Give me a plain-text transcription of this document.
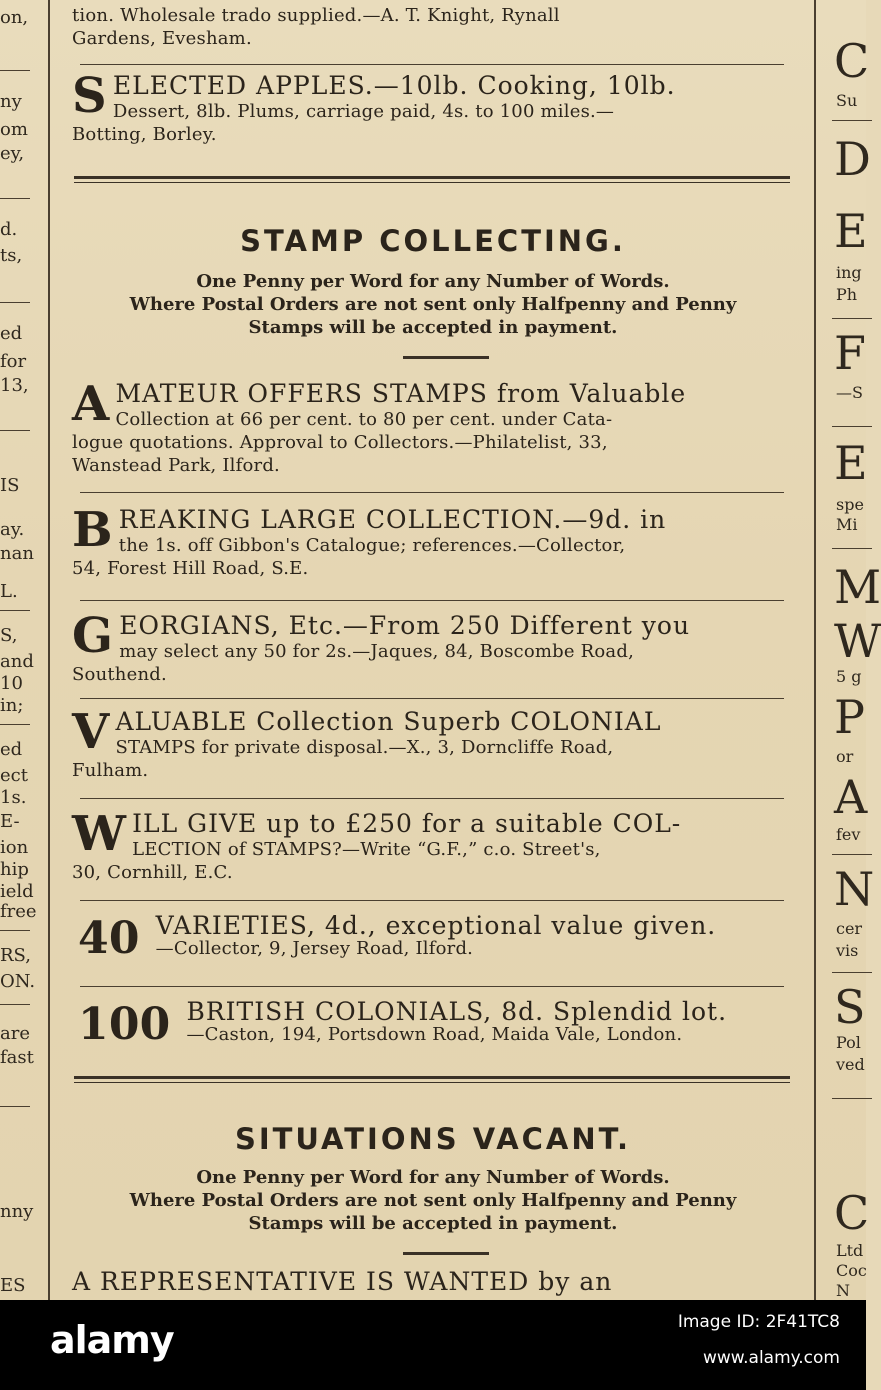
on,
ny
om
ey,
d.
ts,
ed
for
13,
IS
ay.
nan
L.
S,
and
10
in;
ed
ect
1s.
E-
ion
hip
ield
free
RS,
ON.
are
fast
nny
ES
C
Su
D
E
ing
Ph
F
—S
E
spe
Mi
M
W
5 g
P
or
A
fev
N
cer
vis
S
Pol
ved
C
Ltd
Coc
N
tion. Wholesale trado supplied.—A. T. Knight, Rynall
Gardens, Evesham.
S ELECTED APPLES.—10lb. Cooking, 10lb.
Dessert, 8lb. Plums, carriage paid, 4s. to 100 miles.—
Botting, Borley.
STAMP COLLECTING.
One Penny per Word for any Number of Words.
Where Postal Orders are not sent only Halfpenny and Penny
Stamps will be accepted in payment.
A MATEUR OFFERS STAMPS from Valuable
Collection at 66 per cent. to 80 per cent. under Cata-
logue quotations. Approval to Collectors.—Philatelist, 33,
Wanstead Park, Ilford.
B REAKING LARGE COLLECTION.—9d. in
the 1s. off Gibbon's Catalogue; references.—Collector,
54, Forest Hill Road, S.E.
G EORGIANS, Etc.—From 250 Different you
may select any 50 for 2s.—Jaques, 84, Boscombe Road,
Southend.
V ALUABLE Collection Superb COLONIAL
STAMPS for private disposal.—X., 3, Dorncliffe Road,
Fulham.
W ILL GIVE up to £250 for a suitable COL-
LECTION of STAMPS?—Write “G.F.,” c.o. Street's,
30, Cornhill, E.C.
40 VARIETIES, 4d., exceptional value given.
—Collector, 9, Jersey Road, Ilford.
100 BRITISH COLONIALS, 8d. Splendid lot.
—Caston, 194, Portsdown Road, Maida Vale, London.
SITUATIONS VACANT.
One Penny per Word for any Number of Words.
Where Postal Orders are not sent only Halfpenny and Penny
Stamps will be accepted in payment.
A REPRESENTATIVE IS WANTED by an
alamy	Image ID: 2F41TC8
www.alamy.com
